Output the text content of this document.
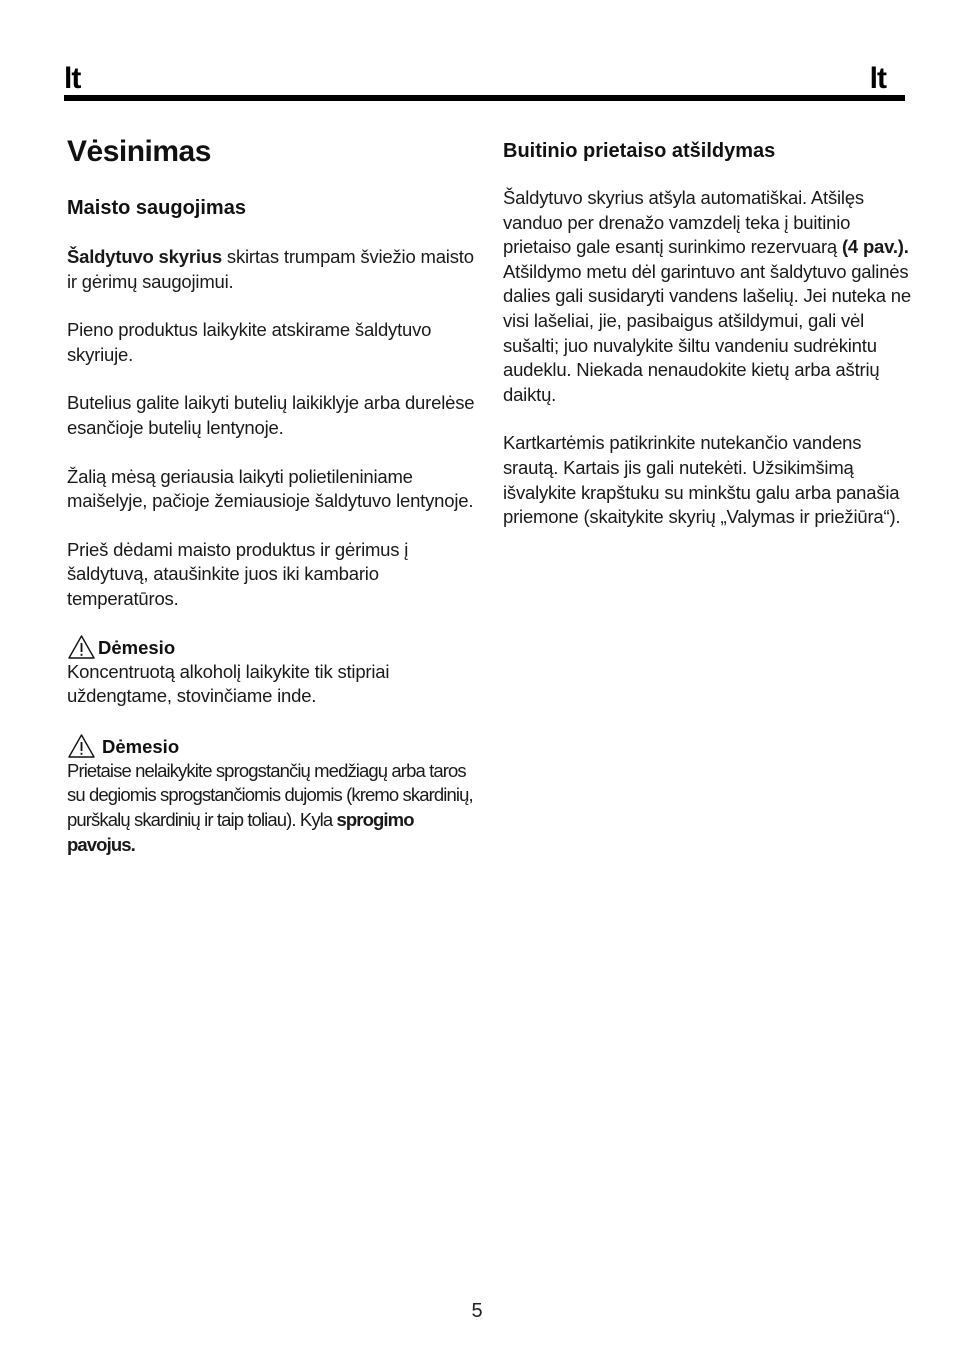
lt	lt
Vėsinimas
Maisto saugojimas

Šaldytuvo skyrius skirtas trumpam šviežio maisto ir gėrimų saugojimui.

Pieno produktus laikykite atskirame šaldytuvo skyriuje.

Butelius galite laikyti butelių laikiklyje arba durelėse esančioje butelių lentynoje.

Žalią mėsą geriausia laikyti polietileniniame maišelyje, pačioje žemiausioje šaldytuvo lentynoje.

Prieš dėdami maisto produktus ir gėrimus į šaldytuvą, ataušinkite juos iki kambario temperatūros.

Dėmesio

Koncentruotą alkoholį laikykite tik stipriai uždengtame, stovinčiame inde.

Dėmesio

Prietaise nelaikykite sprogstančių medžiagų arba taros su degiomis sprogstančiomis dujomis (kremo skardinių, purškalų skardinių ir taip toliau). Kyla sprogimo pavojus.

Buitinio prietaiso atšildymas

Šaldytuvo skyrius atšyla automatiškai. Atšilęs vanduo per drenažo vamzdelį teka į buitinio prietaiso gale esantį surinkimo rezervuarą (4 pav.).

Atšildymo metu dėl garintuvo ant šaldytuvo galinės dalies gali susidaryti vandens lašelių. Jei nuteka ne visi lašeliai, jie, pasibaigus atšildymui, gali vėl sušalti; juo nuvalykite šiltu vandeniu sudrėkintu audeklu. Niekada nenaudokite kietų arba aštrių daiktų.

Kartkartėmis patikrinkite nutekančio vandens srautą. Kartais jis gali nutekėti. Užsikimšimą išvalykite krapštuku su minkštu galu arba panašia priemone (skaitykite skyrių „Valymas ir priežiūra“).

5
